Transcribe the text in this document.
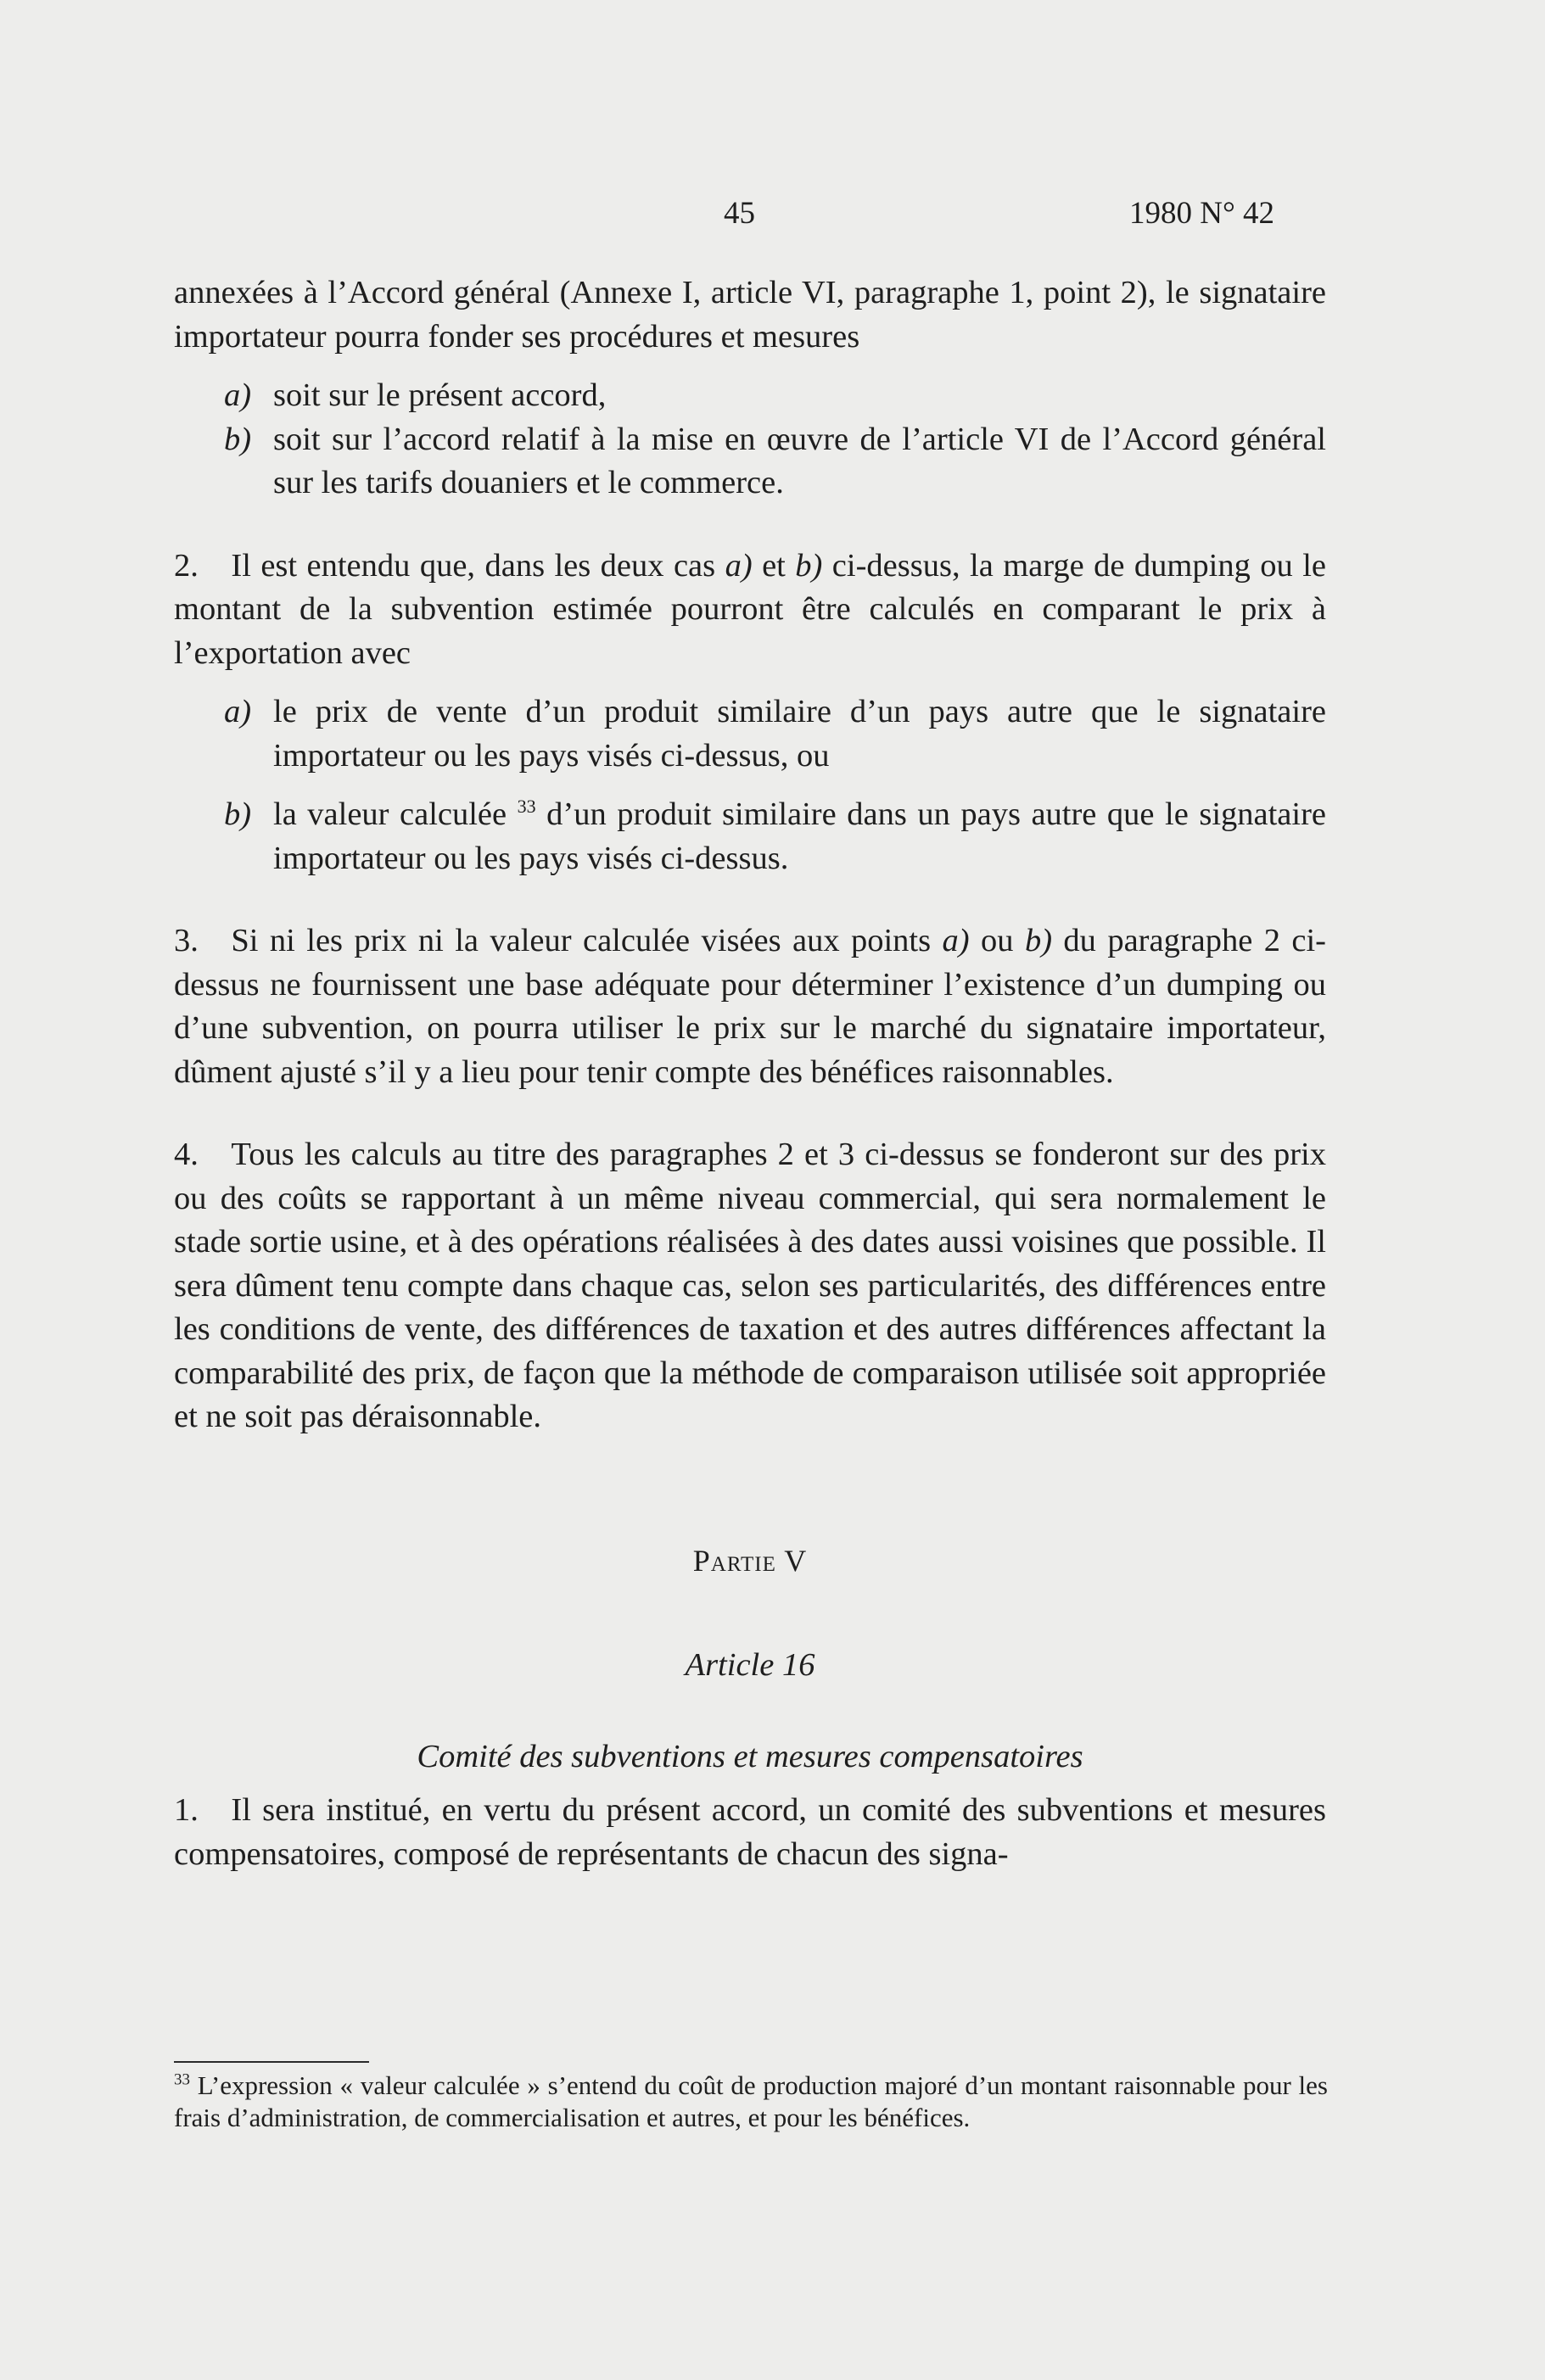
45	1980 N° 42

annexées à l’Accord général (Annexe I, article VI, paragraphe 1, point 2), le signataire importateur pourra fonder ses procédures et mesures

a) soit sur le présent accord,

b) soit sur l’accord relatif à la mise en œuvre de l’article VI de l’Accord général sur les tarifs douaniers et le commerce.

2. Il est entendu que, dans les deux cas a) et b) ci-dessus, la marge de dumping ou le montant de la subvention estimée pourront être calculés en comparant le prix à l’exportation avec

a) le prix de vente d’un produit similaire d’un pays autre que le signataire importateur ou les pays visés ci-dessus, ou

b) la valeur calculée $^{33}$ d’un produit similaire dans un pays autre que le signataire importateur ou les pays visés ci-dessus.

3. Si ni les prix ni la valeur calculée visées aux points a) ou b) du paragraphe 2 ci-dessus ne fournissent une base adéquate pour déterminer l’existence d’un dumping ou d’une subvention, on pourra utiliser le prix sur le marché du signataire importateur, dûment ajusté s’il y a lieu pour tenir compte des bénéfices raisonnables.

4. Tous les calculs au titre des paragraphes 2 et 3 ci-dessus se fonderont sur des prix ou des coûts se rapportant à un même niveau commercial, qui sera normalement le stade sortie usine, et à des opérations réalisées à des dates aussi voisines que possible. Il sera dûment tenu compte dans chaque cas, selon ses particularités, des différences entre les conditions de vente, des différences de taxation et des autres différences affectant la comparabilité des prix, de façon que la méthode de comparaison utilisée soit appropriée et ne soit pas déraisonnable.

Partie V

Article 16

Comité des subventions et mesures compensatoires

1. Il sera institué, en vertu du présent accord, un comité des subventions et mesures compensatoires, composé de représentants de chacun des signa-

$^{33}$ L’expression « valeur calculée » s’entend du coût de production majoré d’un montant raisonnable pour les frais d’administration, de commercialisation et autres, et pour les bénéfices.
